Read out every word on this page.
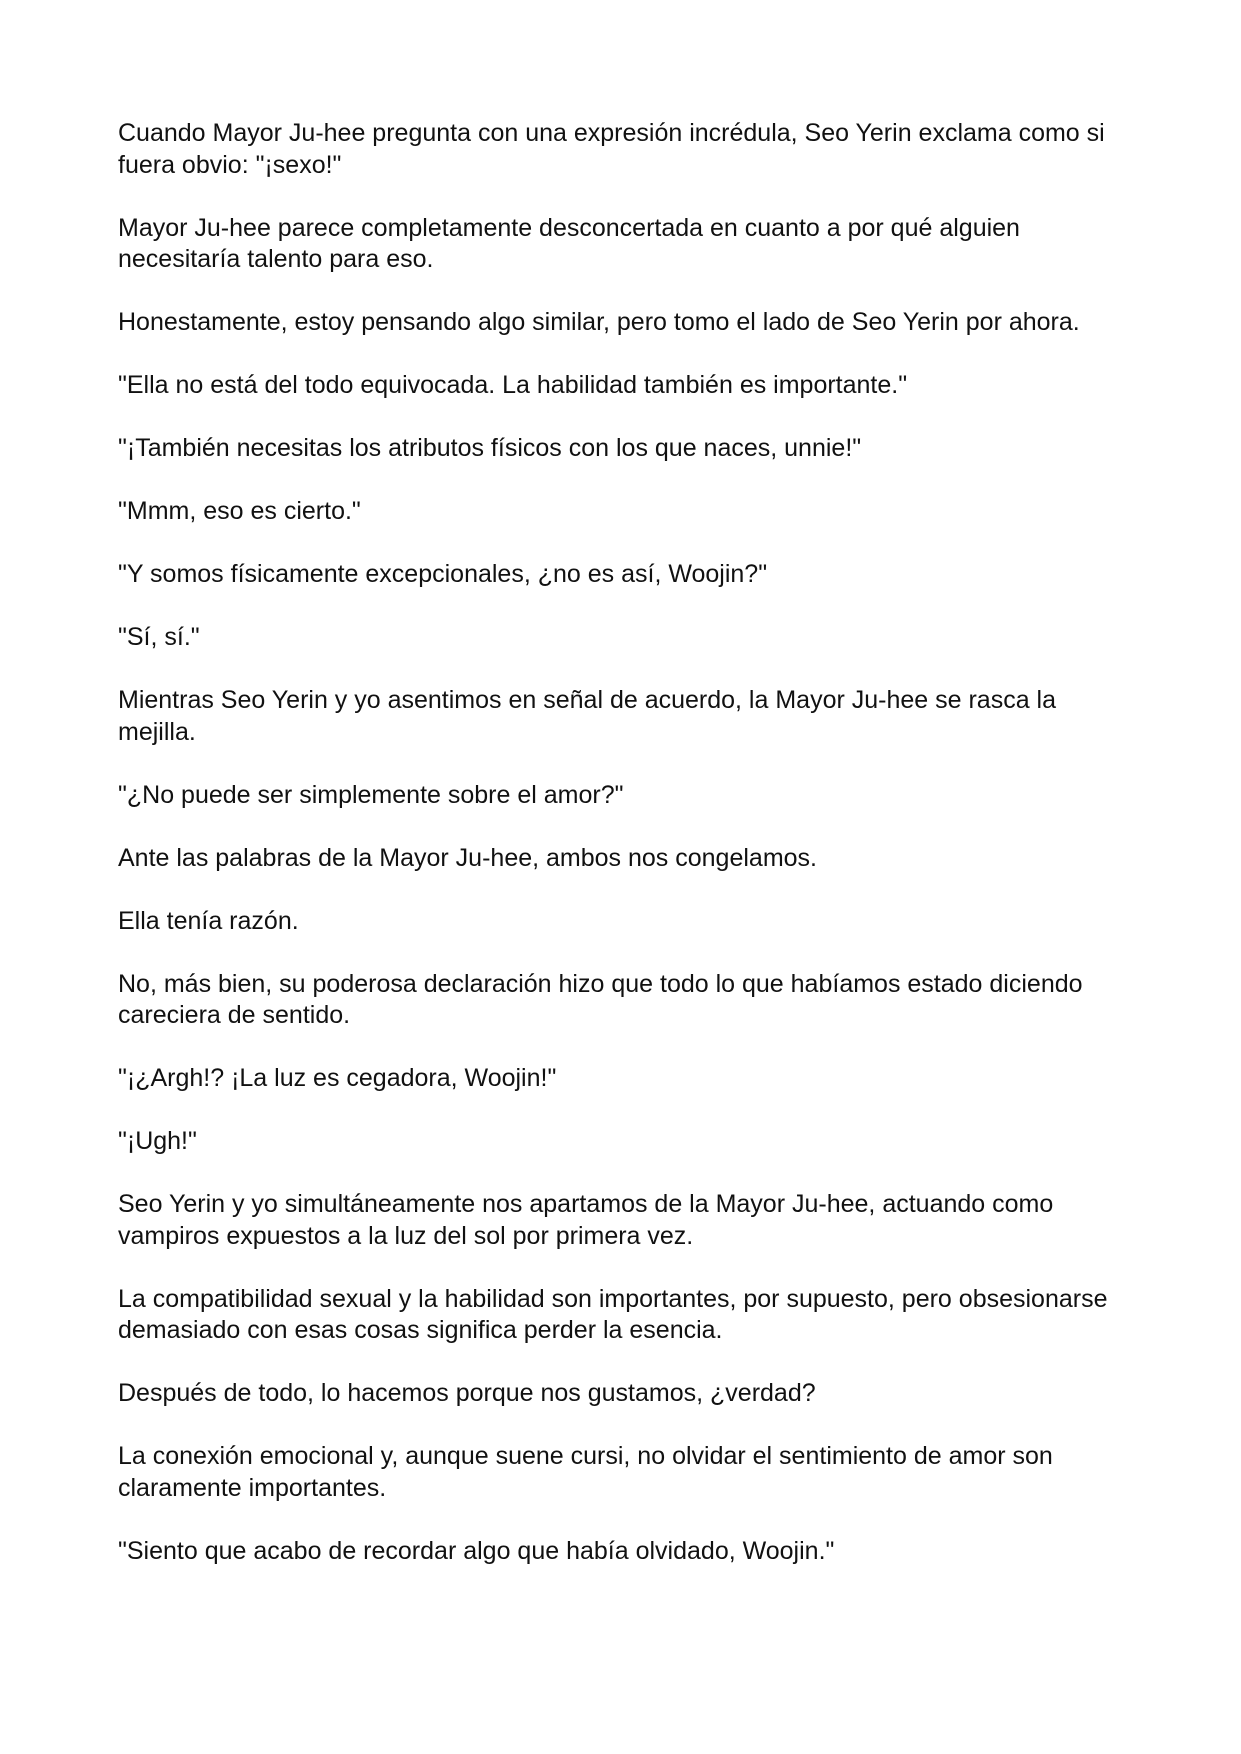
Cuando Mayor Ju-hee pregunta con una expresión incrédula, Seo Yerin exclama como si fuera obvio: "¡sexo!"

Mayor Ju-hee parece completamente desconcertada en cuanto a por qué alguien necesitaría talento para eso.

Honestamente, estoy pensando algo similar, pero tomo el lado de Seo Yerin por ahora.

"Ella no está del todo equivocada. La habilidad también es importante."

"¡También necesitas los atributos físicos con los que naces, unnie!"

"Mmm, eso es cierto."

"Y somos físicamente excepcionales, ¿no es así, Woojin?"

"Sí, sí."

Mientras Seo Yerin y yo asentimos en señal de acuerdo, la Mayor Ju-hee se rasca la mejilla.

"¿No puede ser simplemente sobre el amor?"

Ante las palabras de la Mayor Ju-hee, ambos nos congelamos.

Ella tenía razón.

No, más bien, su poderosa declaración hizo que todo lo que habíamos estado diciendo careciera de sentido.

"¡¿Argh!? ¡La luz es cegadora, Woojin!"

"¡Ugh!"

Seo Yerin y yo simultáneamente nos apartamos de la Mayor Ju-hee, actuando como vampiros expuestos a la luz del sol por primera vez.

La compatibilidad sexual y la habilidad son importantes, por supuesto, pero obsesionarse demasiado con esas cosas significa perder la esencia.

Después de todo, lo hacemos porque nos gustamos, ¿verdad?

La conexión emocional y, aunque suene cursi, no olvidar el sentimiento de amor son claramente importantes.

"Siento que acabo de recordar algo que había olvidado, Woojin."
